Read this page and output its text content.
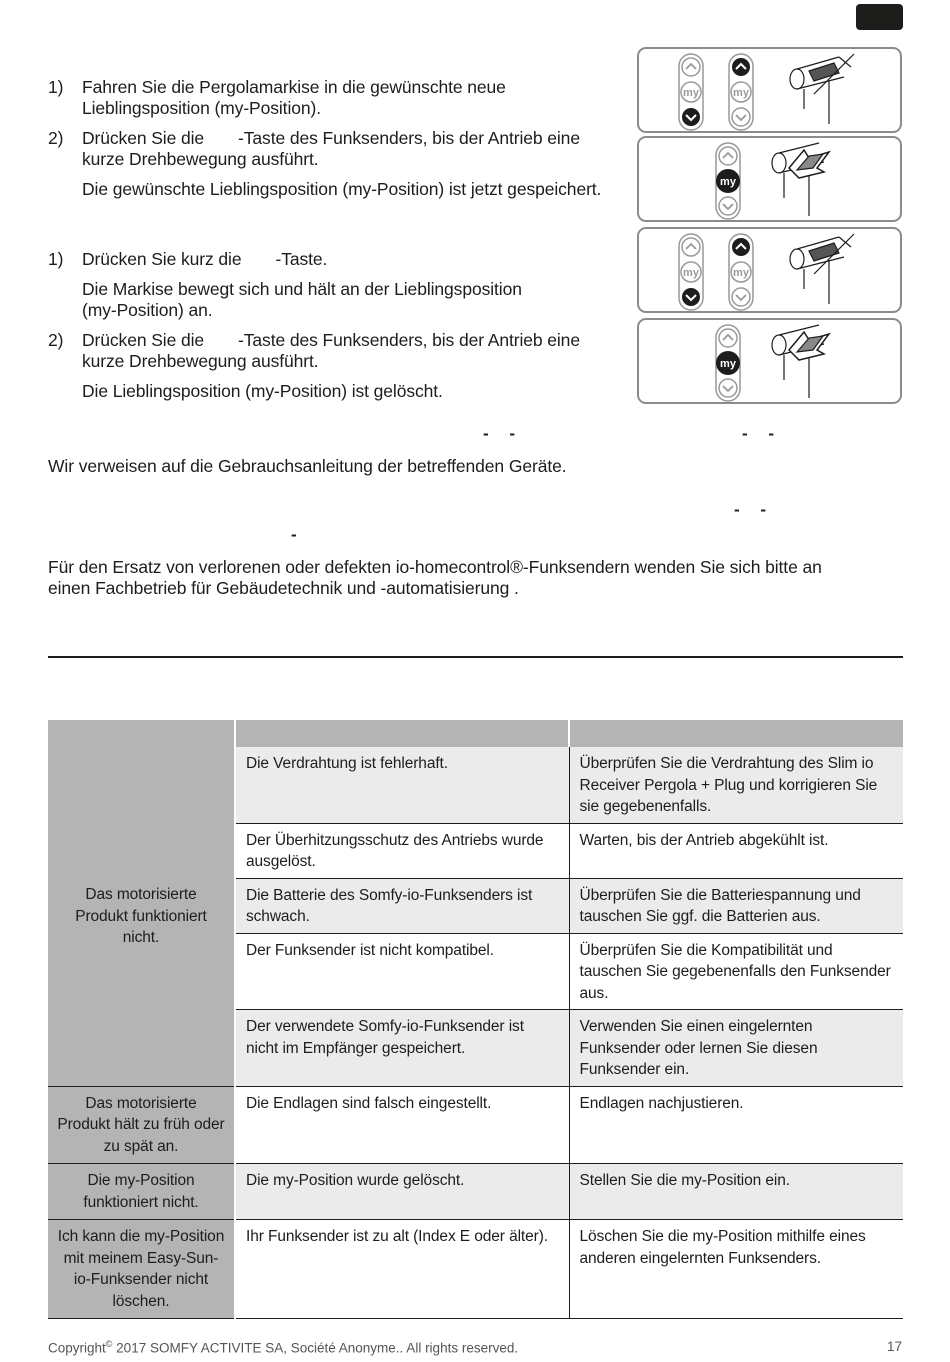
1)	Fahren Sie die Pergolamarkise in die gewünschte neue
Lieblingsposition (my-Position).
2)	Drücken Sie die -Taste des Funksenders, bis der Antrieb eine
kurze Drehbewegung ausführt.
Die gewünschte Lieblingsposition (my-Position) ist jetzt gespeichert.
1)	Drücken Sie kurz die -Taste.
Die Markise bewegt sich und hält an der Lieblingsposition
(my-Position) an.
2)	Drücken Sie die -Taste des Funksenders, bis der Antrieb eine
kurze Drehbewegung ausführt.
Die Lieblingsposition (my-Position) ist gelöscht.
my	my
my
my	my
my
- -	- -
Wir verweisen auf die Gebrauchsanleitung der betreffenden Geräte.
- -
-
Für den Ersatz von verlorenen oder defekten io-homecontrol®-Funksendern wenden Sie sich bitte an
einen Fachbetrieb für Gebäudetechnik und -automatisierung .

Das motorisierte
Produkt funktioniert
nicht.	Die Verdrahtung ist fehlerhaft.	Überprüfen Sie die Verdrahtung des Slim io
Receiver Pergola + Plug und korrigieren Sie
sie gegebenenfalls.
	Der Überhitzungsschutz des Antriebs wurde
ausgelöst.	Warten, bis der Antrieb abgekühlt ist.
	Die Batterie des Somfy-io-Funksenders ist
schwach.	Überprüfen Sie die Batteriespannung und
tauschen Sie ggf. die Batterien aus.
	Der Funksender ist nicht kompatibel.	Überprüfen Sie die Kompatibilität und
tauschen Sie gegebenenfalls den Funksender
aus.
	Der verwendete Somfy-io-Funksender ist
nicht im Empfänger gespeichert.	Verwenden Sie einen eingelernten
Funksender oder lernen Sie diesen
Funksender ein.
Das motorisierte
Produkt hält zu früh oder
zu spät an.	Die Endlagen sind falsch eingestellt.	Endlagen nachjustieren.
Die my-Position
funktioniert nicht.	Die my-Position wurde gelöscht.	Stellen Sie die my-Position ein.
Ich kann die my-Position
mit meinem Easy-Sun-
io-Funksender nicht
löschen.	Ihr Funksender ist zu alt (Index E oder älter).	Löschen Sie die my-Position mithilfe eines
anderen eingelernten Funksenders.
Copyright© 2017 SOMFY ACTIVITE SA, Société Anonyme.. All rights reserved.	17
